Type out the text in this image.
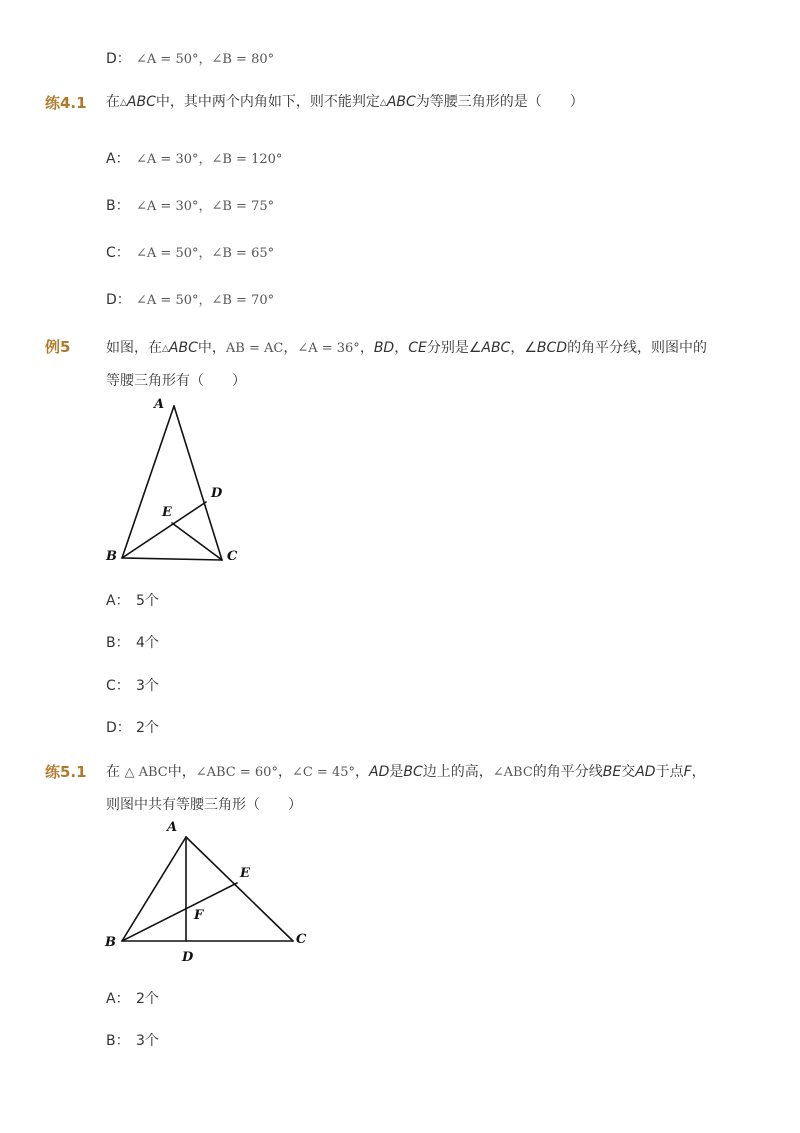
D： ∠A = 50°，∠B = 80°
练4.1 在△ABC中，其中两个内角如下，则不能判定△ABC为等腰三角形的是（　　）
A： ∠A = 30°，∠B = 120°
B： ∠A = 30°，∠B = 75°
C： ∠A = 50°，∠B = 65°
D： ∠A = 50°，∠B = 70°
例5	如图，在△ABC中，AB = AC，∠A = 36°，BD，CE分别是∠ABC，∠BCD的角平分线，则图中的
等腰三角形有（　　）
A
B	C
D
E
A： 5个
B： 4个
C： 3个
D： 2个
练5.1 在 △ ABC中，∠ABC = 60°，∠C = 45°，AD是BC边上的高，∠ABC的角平分线BE交AD于点F，
则图中共有等腰三角形（　　）
A
B	C
D
E
F
A： 2个
B： 3个
